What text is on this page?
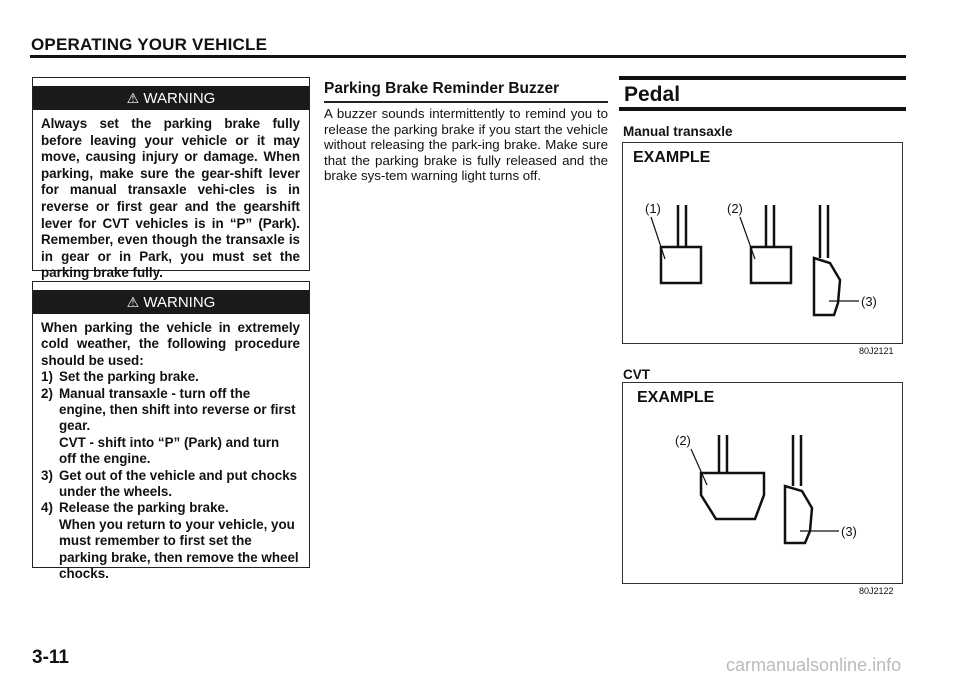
OPERATING YOUR VEHICLE
⚠ WARNING

Always set the parking brake fully before leaving your vehicle or it may move, causing injury or damage. When parking, make sure the gear-shift lever for manual transaxle vehi-cles is in reverse or first gear and the gearshift lever for CVT vehicles is in “P” (Park). Remember, even though the transaxle is in gear or in Park, you must set the parking brake fully.

⚠ WARNING

When parking the vehicle in extremely cold weather, the following procedure should be used:

1) Set the parking brake.
2) Manual transaxle - turn off the engine, then shift into reverse or first gear.
CVT - shift into “P” (Park) and turn off the engine.
3) Get out of the vehicle and put chocks under the wheels.
4) Release the parking brake.
When you return to your vehicle, you must remember to first set the parking brake, then remove the wheel chocks.
Parking Brake Reminder Buzzer
A buzzer sounds intermittently to remind you to release the parking brake if you start the vehicle without releasing the park-ing brake. Make sure that the parking brake is fully released and the brake sys-tem warning light turns off.
Pedal
Manual transaxle
EXAMPLE
(1)	(2)
(3)
80J2121
CVT
EXAMPLE
(2)
(3)
80J2122
3-11	carmanualsonline.info
